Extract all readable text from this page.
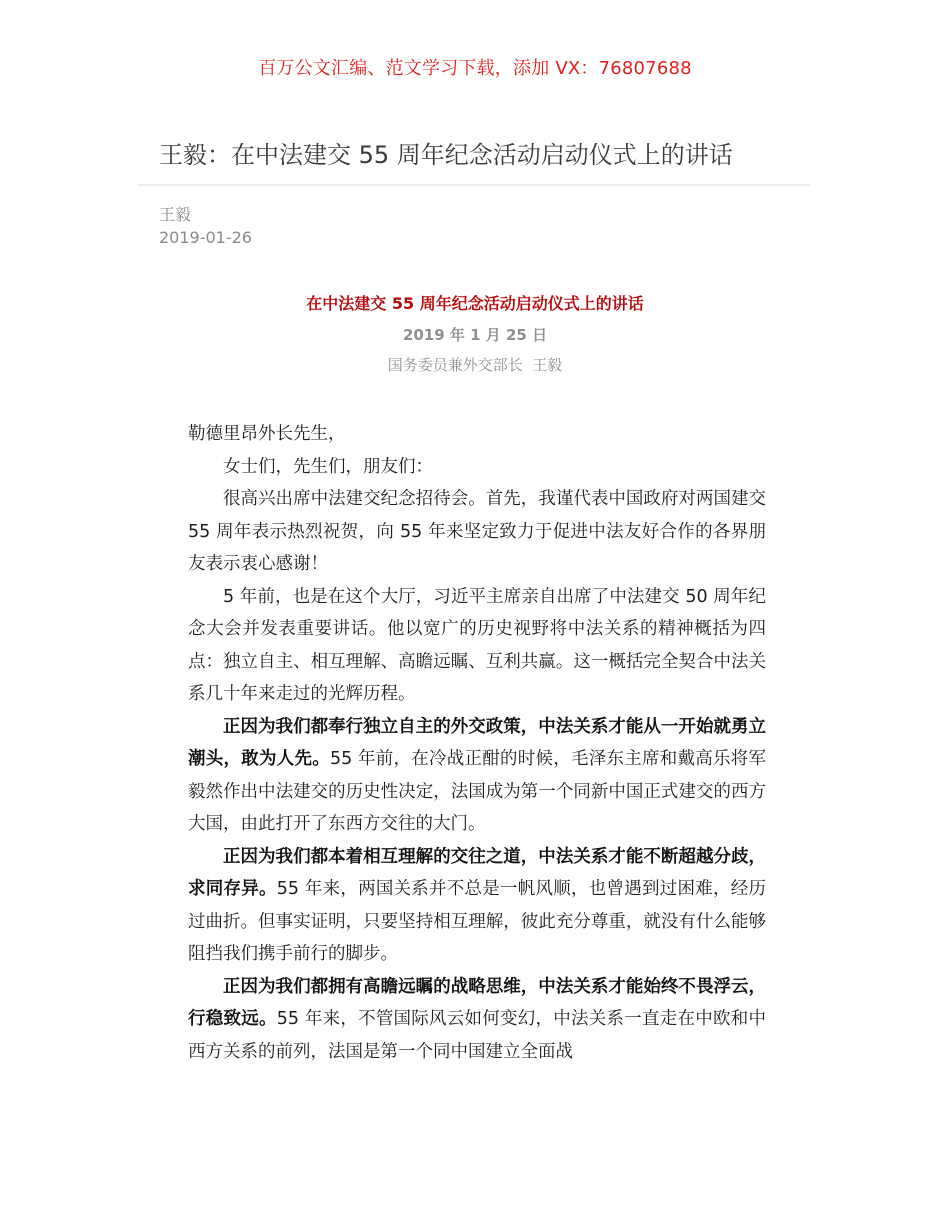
百万公文汇编、范文学习下载，添加 VX：76807688
王毅：在中法建交 55 周年纪念活动启动仪式上的讲话
王毅
2019-01-26
在中法建交 55 周年纪念活动启动仪式上的讲话
2019 年 1 月 25 日
国务委员兼外交部长  王毅

勒德里昂外长先生，

女士们，先生们，朋友们：

很高兴出席中法建交纪念招待会。首先，我谨代表中国政府对两国建交 55 周年表示热烈祝贺，向 55 年来坚定致力于促进中法友好合作的各界朋友表示衷心感谢！

5 年前，也是在这个大厅，习近平主席亲自出席了中法建交 50 周年纪念大会并发表重要讲话。他以宽广的历史视野将中法关系的精神概括为四点：独立自主、相互理解、高瞻远瞩、互利共赢。这一概括完全契合中法关系几十年来走过的光辉历程。

正因为我们都奉行独立自主的外交政策，中法关系才能从一开始就勇立潮头，敢为人先。55 年前，在冷战正酣的时候，毛泽东主席和戴高乐将军毅然作出中法建交的历史性决定，法国成为第一个同新中国正式建交的西方大国，由此打开了东西方交往的大门。

正因为我们都本着相互理解的交往之道，中法关系才能不断超越分歧，求同存异。55 年来，两国关系并不总是一帆风顺，也曾遇到过困难，经历过曲折。但事实证明，只要坚持相互理解，彼此充分尊重，就没有什么能够阻挡我们携手前行的脚步。

正因为我们都拥有高瞻远瞩的战略思维，中法关系才能始终不畏浮云，行稳致远。55 年来，不管国际风云如何变幻，中法关系一直走在中欧和中西方关系的前列，法国是第一个同中国建立全面战
